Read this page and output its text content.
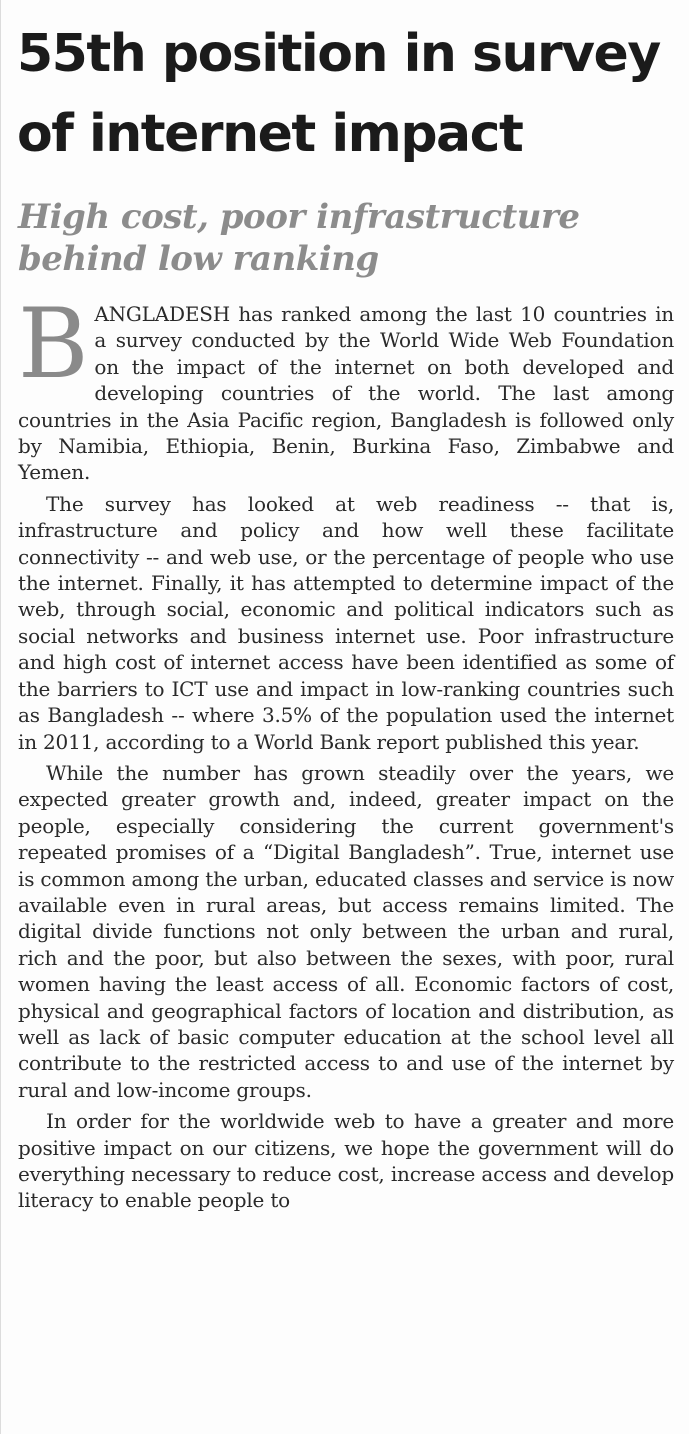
55th position in survey of internet impact
High cost, poor infrastructure behind low ranking

BANGLADESH has ranked among the last 10 countries in a survey conducted by the World Wide Web Foundation on the impact of the internet on both developed and developing countries of the world. The last among countries in the Asia Pacific region, Bangladesh is followed only by Namibia, Ethiopia, Benin, Burkina Faso, Zimbabwe and Yemen.

The survey has looked at web readiness -- that is, infrastructure and policy and how well these facilitate connectivity -- and web use, or the percentage of people who use the internet. Finally, it has attempted to determine impact of the web, through social, economic and political indicators such as social networks and business internet use. Poor infrastructure and high cost of internet access have been identified as some of the barriers to ICT use and impact in low-ranking countries such as Bangladesh -- where 3.5% of the population used the internet in 2011, according to a World Bank report published this year.

While the number has grown steadily over the years, we expected greater growth and, indeed, greater impact on the people, especially considering the current government's repeated promises of a “Digital Bangladesh”. True, internet use is common among the urban, educated classes and service is now available even in rural areas, but access remains limited. The digital divide functions not only between the urban and rural, rich and the poor, but also between the sexes, with poor, rural women having the least access of all. Economic factors of cost, physical and geographical factors of location and distribution, as well as lack of basic computer education at the school level all contribute to the restricted access to and use of the internet by rural and low-income groups.

In order for the worldwide web to have a greater and more positive impact on our citizens, we hope the government will do everything necessary to reduce cost, increase access and develop literacy to enable people to
